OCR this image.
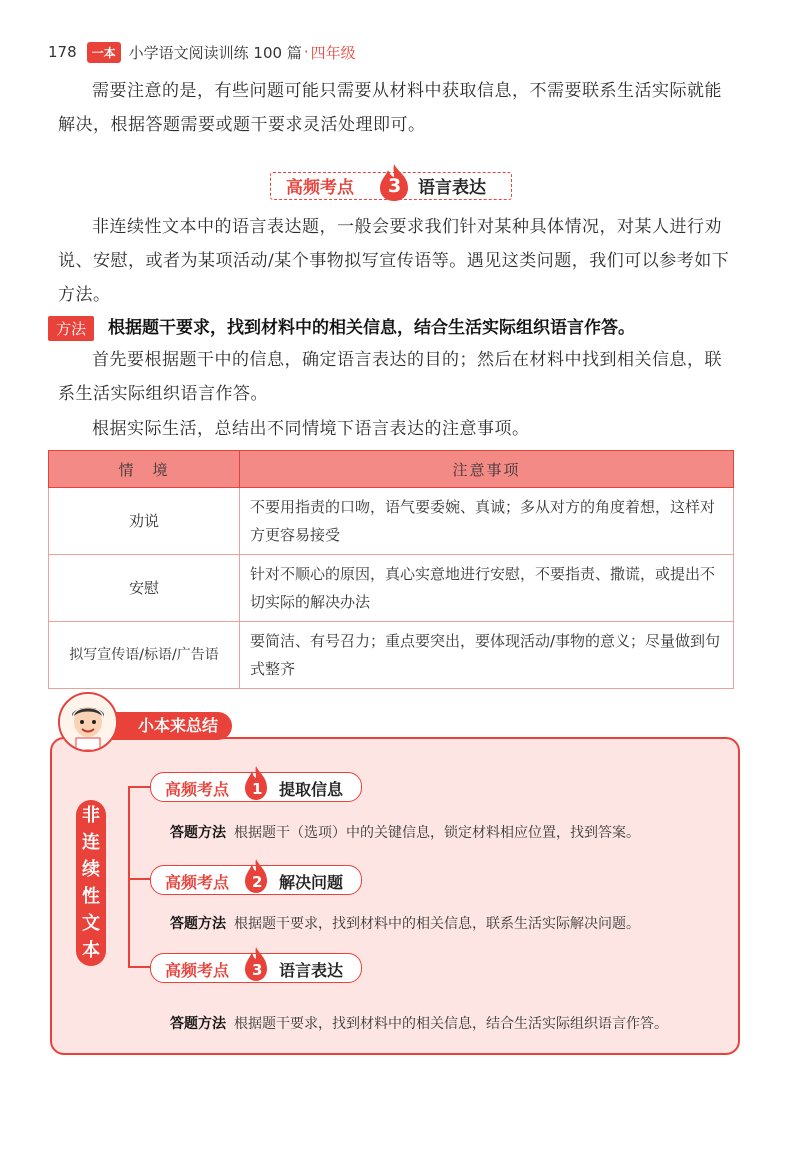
178	一本 小学语文阅读训练 100 篇 · 四年级
需要注意的是，有些问题可能只需要从材料中获取信息，不需要联系生活实际就能解决，根据答题需要或题干要求灵活处理即可。
高频考点 3 语言表达
非连续性文本中的语言表达题，一般会要求我们针对某种具体情况，对某人进行劝说、安慰，或者为某项活动/某个事物拟写宣传语等。遇见这类问题，我们可以参考如下方法。
方法	根据题干要求，找到材料中的相关信息，结合生活实际组织语言作答。
首先要根据题干中的信息，确定语言表达的目的；然后在材料中找到相关信息，联系生活实际组织语言作答。
根据实际生活，总结出不同情境下语言表达的注意事项。
情　境	注意事项
劝说	不要用指责的口吻，语气要委婉、真诚；多从对方的角度着想，这样对方更容易接受
安慰	针对不顺心的原因，真心实意地进行安慰，不要指责、撒谎，或提出不切实际的解决办法
拟写宣传语/标语/广告语	要简洁、有号召力；重点要突出，要体现活动/事物的意义；尽量做到句式整齐
小本来总结
非连续性文本
高频考点 1 提取信息
答题方法 根据题干（选项）中的关键信息，锁定材料相应位置，找到答案。
高频考点 2 解决问题
答题方法 根据题干要求，找到材料中的相关信息，联系生活实际解决问题。
高频考点 3 语言表达
答题方法 根据题干要求，找到材料中的相关信息，结合生活实际组织语言作答。
